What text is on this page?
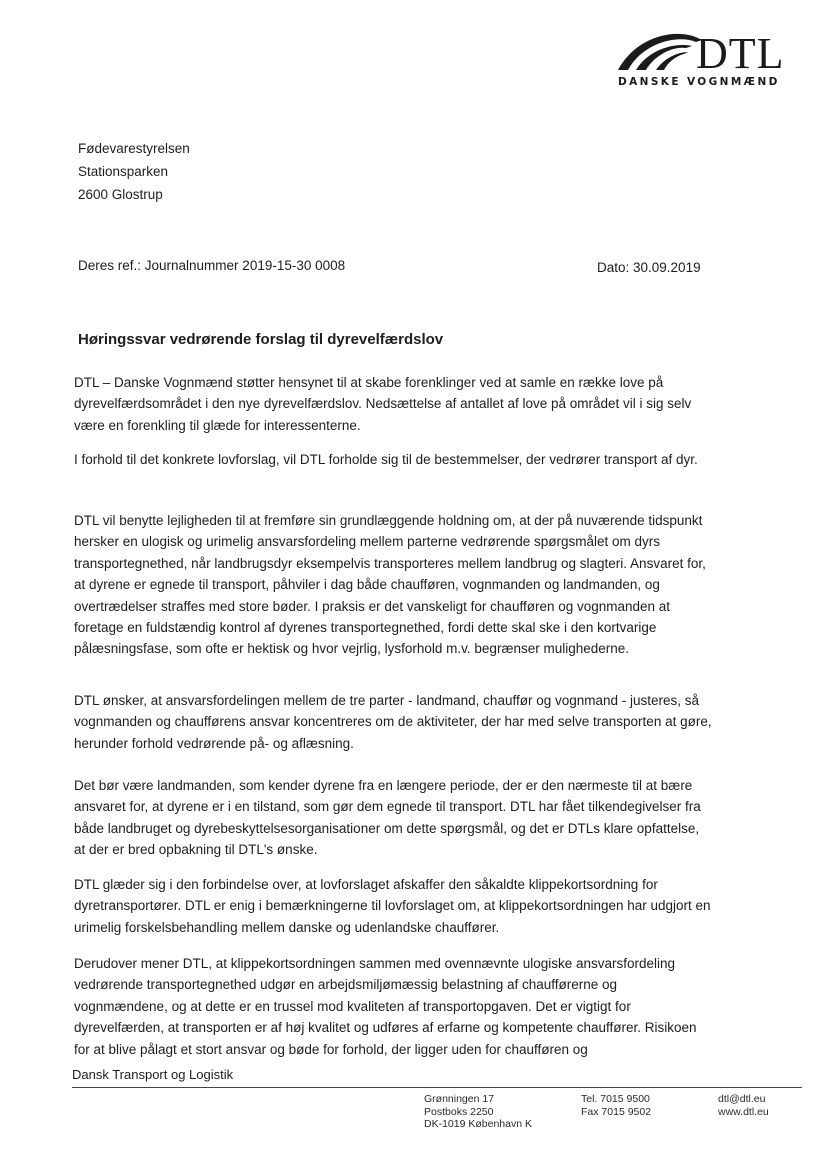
DTL
DANSKE VOGNMÆND
Fødevarestyrelsen
Stationsparken
2600 Glostrup
Deres ref.: Journalnummer 2019-15-30 0008	Dato: 30.09.2019
Høringssvar vedrørende forslag til dyrevelfærdslov

DTL – Danske Vognmænd støtter hensynet til at skabe forenklinger ved at samle en række love på dyrevelfærdsområdet i den nye dyrevelfærdslov. Nedsættelse af antallet af love på området vil i sig selv være en forenkling til glæde for interessenterne.

I forhold til det konkrete lovforslag, vil DTL forholde sig til de bestemmelser, der vedrører transport af dyr.

DTL vil benytte lejligheden til at fremføre sin grundlæggende holdning om, at der på nuværende tidspunkt hersker en ulogisk og urimelig ansvarsfordeling mellem parterne vedrørende spørgsmålet om dyrs transportegnethed, når landbrugsdyr eksempelvis transporteres mellem landbrug og slagteri. Ansvaret for, at dyrene er egnede til transport, påhviler i dag både chaufføren, vognmanden og landmanden, og overtrædelser straffes med store bøder. I praksis er det vanskeligt for chaufføren og vognmanden at foretage en fuldstændig kontrol af dyrenes transportegnethed, fordi dette skal ske i den kortvarige pålæsningsfase, som ofte er hektisk og hvor vejrlig, lysforhold m.v. begrænser mulighederne.

DTL ønsker, at ansvarsfordelingen mellem de tre parter - landmand, chauffør og vognmand - justeres, så vognmanden og chaufførens ansvar koncentreres om de aktiviteter, der har med selve transporten at gøre, herunder forhold vedrørende på- og aflæsning.

Det bør være landmanden, som kender dyrene fra en længere periode, der er den nærmeste til at bære ansvaret for, at dyrene er i en tilstand, som gør dem egnede til transport. DTL har fået tilkendegivelser fra både landbruget og dyrebeskyttelsesorganisationer om dette spørgsmål, og det er DTLs klare opfattelse, at der er bred opbakning til DTL's ønske.

DTL glæder sig i den forbindelse over, at lovforslaget afskaffer den såkaldte klippekortsordning for dyretransportører. DTL er enig i bemærkningerne til lovforslaget om, at klippekortsordningen har udgjort en urimelig forskelsbehandling mellem danske og udenlandske chauffører.

Derudover mener DTL, at klippekortsordningen sammen med ovennævnte ulogiske ansvarsfordeling vedrørende transportegnethed udgør en arbejdsmiljømæssig belastning af chaufførerne og vognmændene, og at dette er en trussel mod kvaliteten af transportopgaven. Det er vigtigt for dyrevelfærden, at transporten er af høj kvalitet og udføres af erfarne og kompetente chauffører. Risikoen for at blive pålagt et stort ansvar og bøde for forhold, der ligger uden for chaufføren og

Dansk Transport og Logistik
Grønningen 17
Postboks 2250
DK-1019 København K
Tel. 7015 9500
Fax 7015 9502
dtl@dtl.eu
www.dtl.eu
